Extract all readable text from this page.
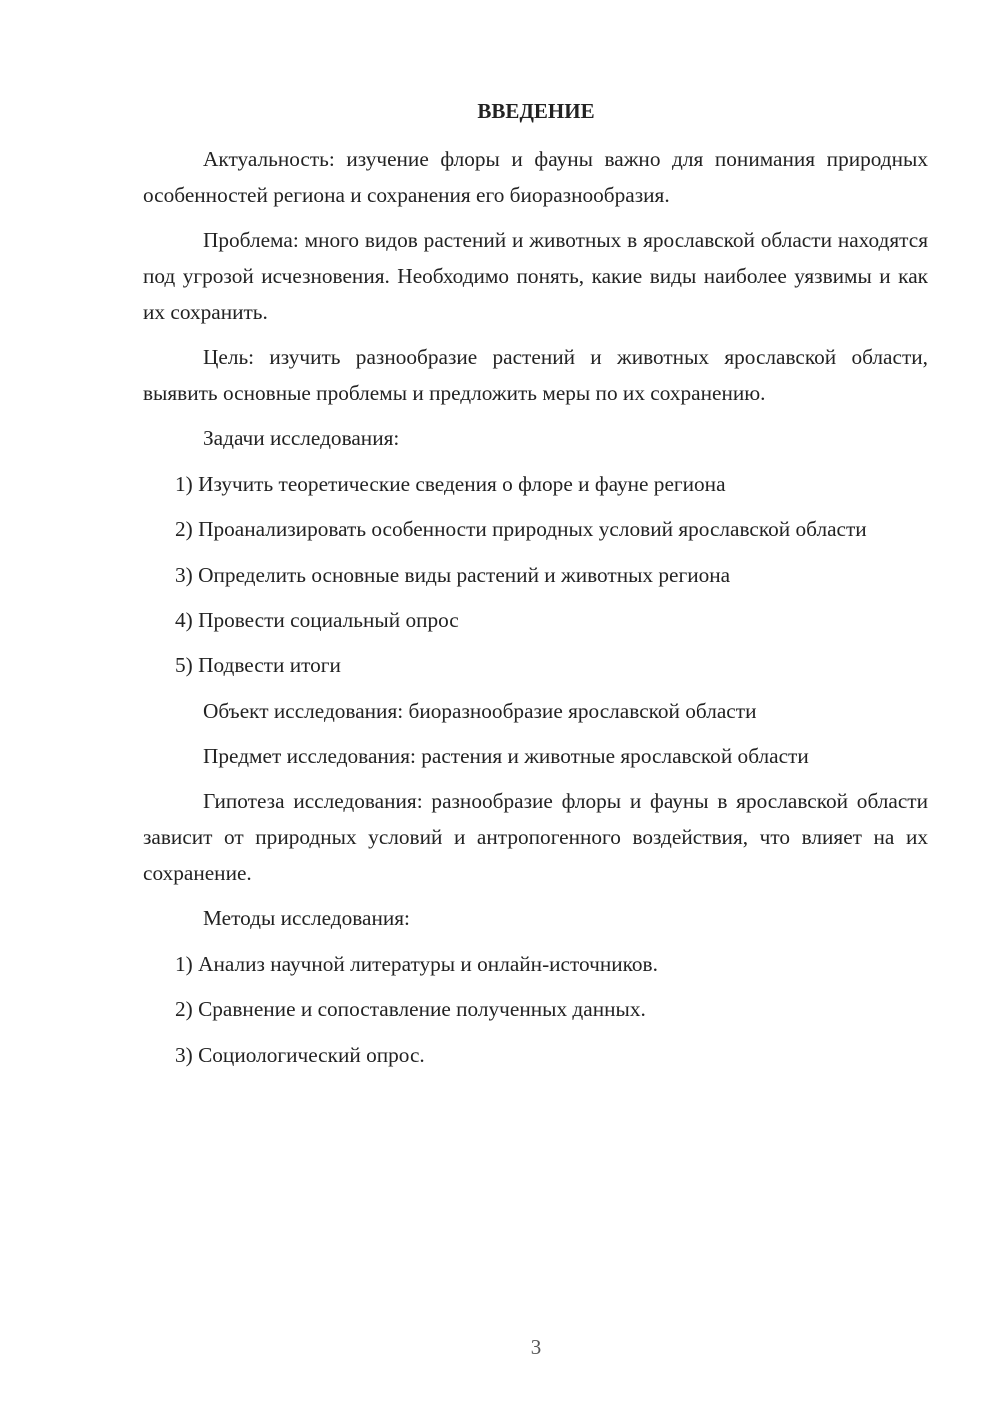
ВВЕДЕНИЕ

Актуальность: изучение флоры и фауны важно для понимания природных особенностей региона и сохранения его биоразнообразия.

Проблема: много видов растений и животных в ярославской области находятся под угрозой исчезновения. Необходимо понять, какие виды наиболее уязвимы и как их сохранить.

Цель: изучить разнообразие растений и животных ярославской области, выявить основные проблемы и предложить меры по их сохранению.

Задачи исследования:

1) Изучить теоретические сведения о флоре и фауне региона

2) Проанализировать особенности природных условий ярославской области

3) Определить основные виды растений и животных региона

4) Провести социальный опрос

5) Подвести итоги

Объект исследования: биоразнообразие ярославской области

Предмет исследования: растения и животные ярославской области

Гипотеза исследования: разнообразие флоры и фауны в ярославской области зависит от природных условий и антропогенного воздействия, что влияет на их сохранение.

Методы исследования:

1) Анализ научной литературы и онлайн-источников.

2) Сравнение и сопоставление полученных данных.

3) Социологический опрос.

3
